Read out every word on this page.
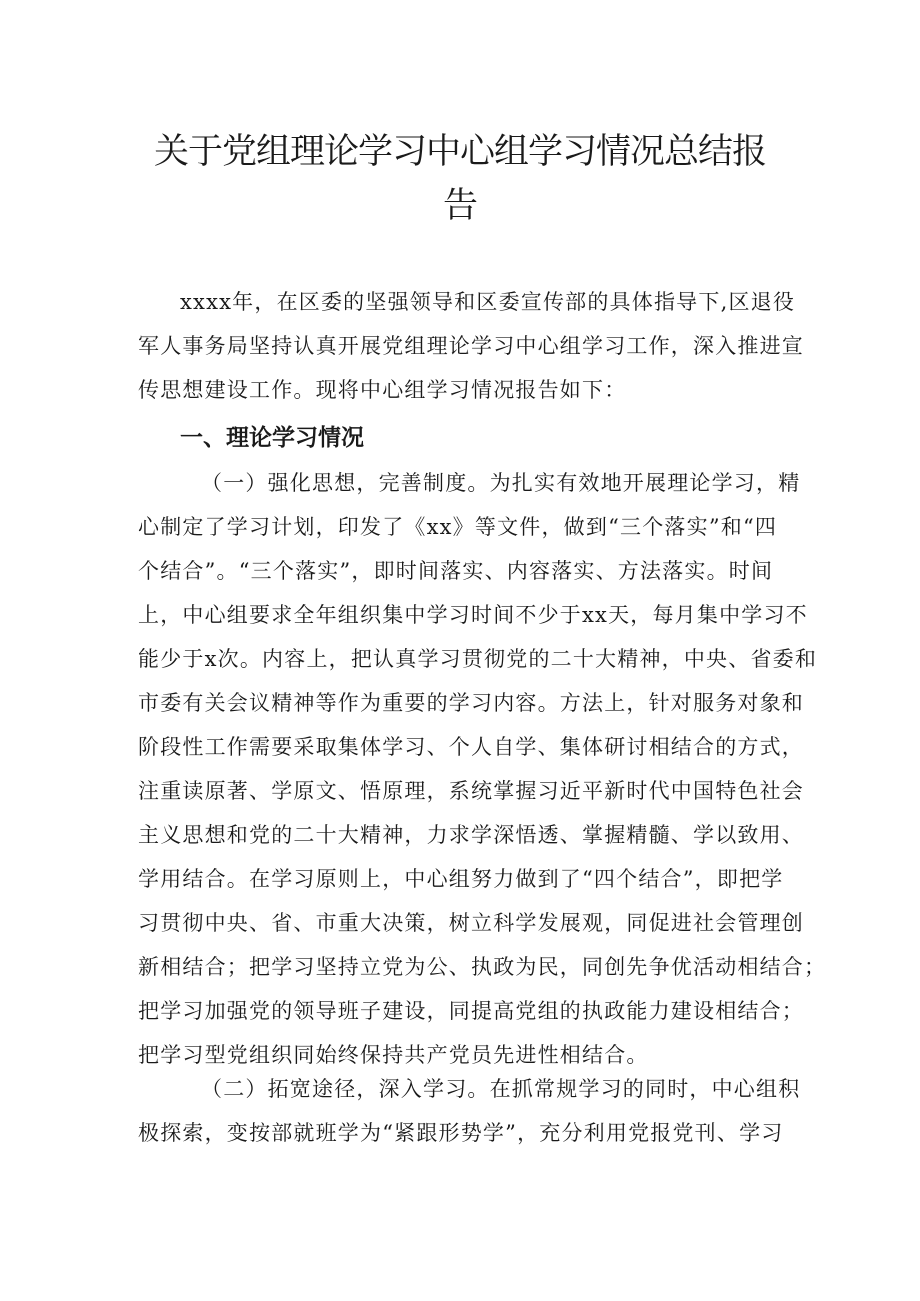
关于党组理论学习中心组学习情况总结报
告
xxxx年，在区委的坚强领导和区委宣传部的具体指导下,区退役
军人事务局坚持认真开展党组理论学习中心组学习工作，深入推进宣
传思想建设工作。现将中心组学习情况报告如下：
一、理论学习情况
（一）强化思想，完善制度。为扎实有效地开展理论学习，精
心制定了学习计划，印发了《xx》等文件，做到“三个落实”和“四
个结合”。“三个落实”，即时间落实、内容落实、方法落实。时间
上，中心组要求全年组织集中学习时间不少于xx天，每月集中学习不
能少于x次。内容上，把认真学习贯彻党的二十大精神，中央、省委和
市委有关会议精神等作为重要的学习内容。方法上，针对服务对象和
阶段性工作需要采取集体学习、个人自学、集体研讨相结合的方式，
注重读原著、学原文、悟原理，系统掌握习近平新时代中国特色社会
主义思想和党的二十大精神，力求学深悟透、掌握精髓、学以致用、
学用结合。在学习原则上，中心组努力做到了“四个结合”，即把学
习贯彻中央、省、市重大决策，树立科学发展观，同促进社会管理创
新相结合；把学习坚持立党为公、执政为民，同创先争优活动相结合；
把学习加强党的领导班子建设，同提高党组的执政能力建设相结合；
把学习型党组织同始终保持共产党员先进性相结合。
（二）拓宽途径，深入学习。在抓常规学习的同时，中心组积
极探索，变按部就班学为“紧跟形势学”，充分利用党报党刊、学习
